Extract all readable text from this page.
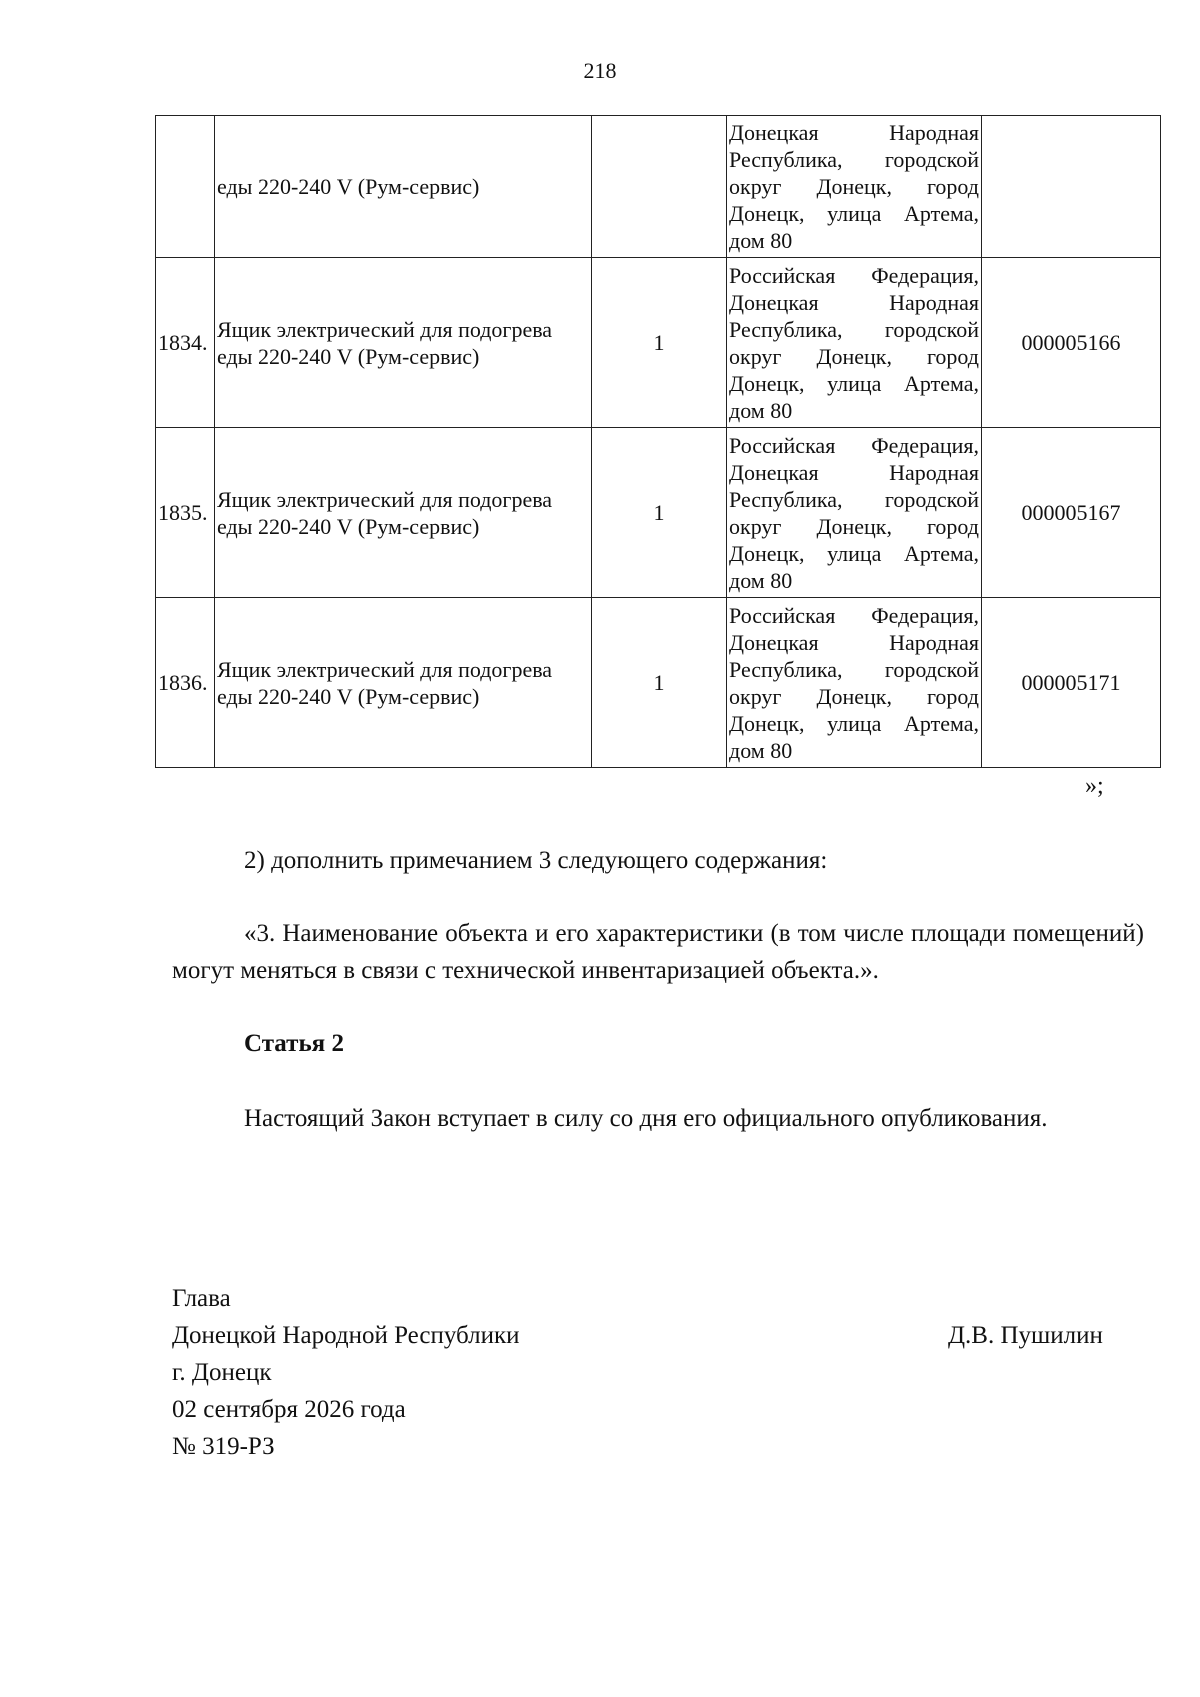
218
	еды 220-240 V (Рум-сервис)		Донецкая Народная Республика, городской округ Донецк, город Донецк, улица Артема, дом 80	
1834.	Ящик электрический для подогрева еды 220-240 V (Рум-сервис)	1	Российская Федерация, Донецкая Народная Республика, городской округ Донецк, город Донецк, улица Артема, дом 80	000005166
1835.	Ящик электрический для подогрева еды 220-240 V (Рум-сервис)	1	Российская Федерация, Донецкая Народная Республика, городской округ Донецк, город Донецк, улица Артема, дом 80	000005167
1836.	Ящик электрический для подогрева еды 220-240 V (Рум-сервис)	1	Российская Федерация, Донецкая Народная Республика, городской округ Донецк, город Донецк, улица Артема, дом 80	000005171
»;
2) дополнить примечанием 3 следующего содержания:
«3. Наименование объекта и его характеристики (в том числе площади помещений) могут меняться в связи с технической инвентаризацией объекта.».
Статья 2
Настоящий Закон вступает в силу со дня его официального опубликования.
Глава
Донецкой Народной Республики	Д.В. Пушилин
г. Донецк
02 сентября 2026 года
№ 319-РЗ
